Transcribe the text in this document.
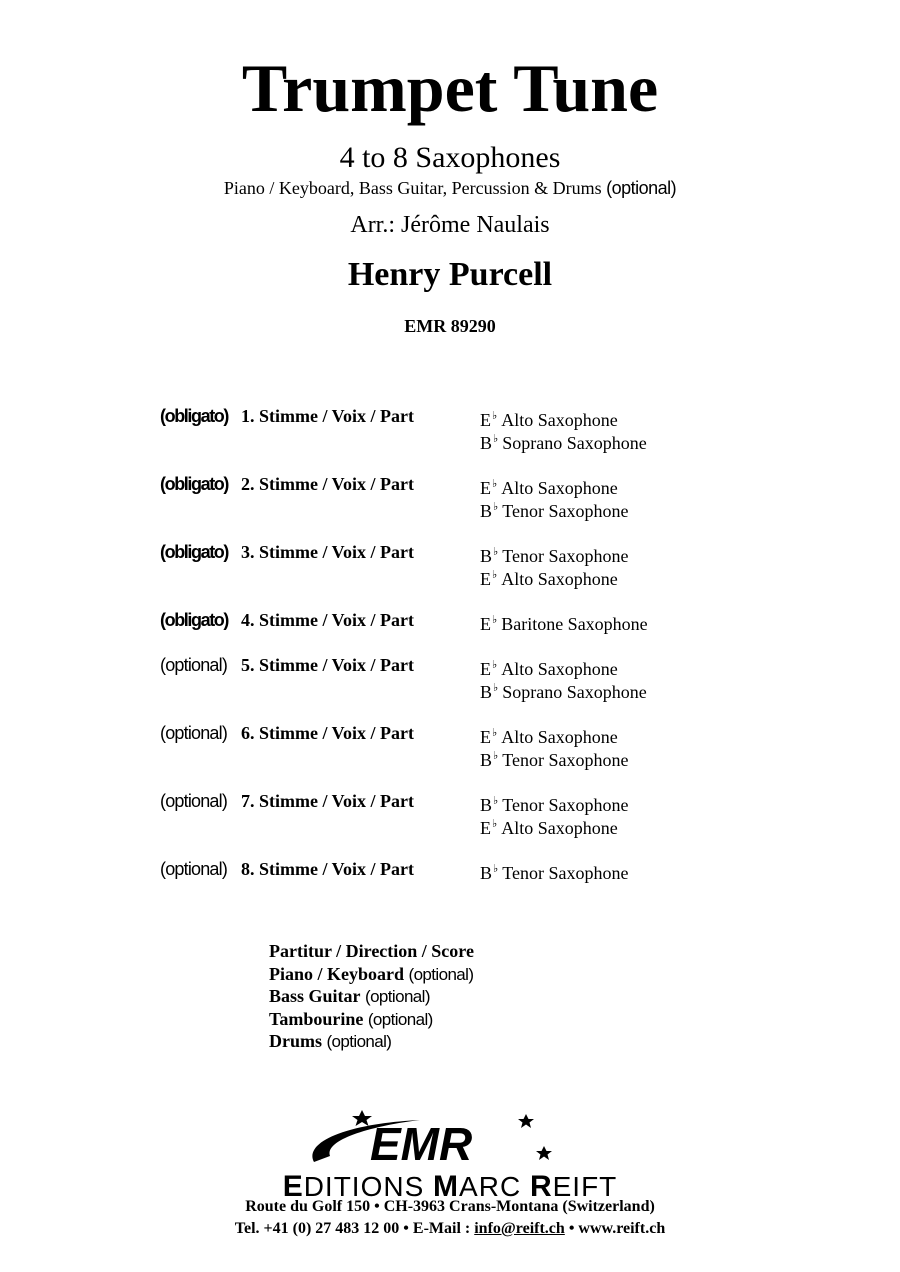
Trumpet Tune
4 to 8 Saxophones
Piano / Keyboard, Bass Guitar, Percussion & Drums (optional)
Arr.: Jérôme Naulais
Henry Purcell
EMR 89290
(obligato) 1. Stimme / Voix / Part	E♭ Alto Saxophone
B♭ Soprano Saxophone
(obligato) 2. Stimme / Voix / Part	E♭ Alto Saxophone
B♭ Tenor Saxophone
(obligato) 3. Stimme / Voix / Part	B♭ Tenor Saxophone
E♭ Alto Saxophone
(obligato) 4. Stimme / Voix / Part	E♭ Baritone Saxophone
(optional) 5. Stimme / Voix / Part	E♭ Alto Saxophone
B♭ Soprano Saxophone
(optional) 6. Stimme / Voix / Part	E♭ Alto Saxophone
B♭ Tenor Saxophone
(optional) 7. Stimme / Voix / Part	B♭ Tenor Saxophone
E♭ Alto Saxophone
(optional) 8. Stimme / Voix / Part	B♭ Tenor Saxophone
Partitur / Direction / Score
Piano / Keyboard (optional)
Bass Guitar (optional)
Tambourine (optional)
Drums (optional)
EMR
EDITIONS MARC REIFT
Route du Golf 150 • CH-3963 Crans-Montana (Switzerland)
Tel. +41 (0) 27 483 12 00 • E-Mail : info@reift.ch • www.reift.ch
